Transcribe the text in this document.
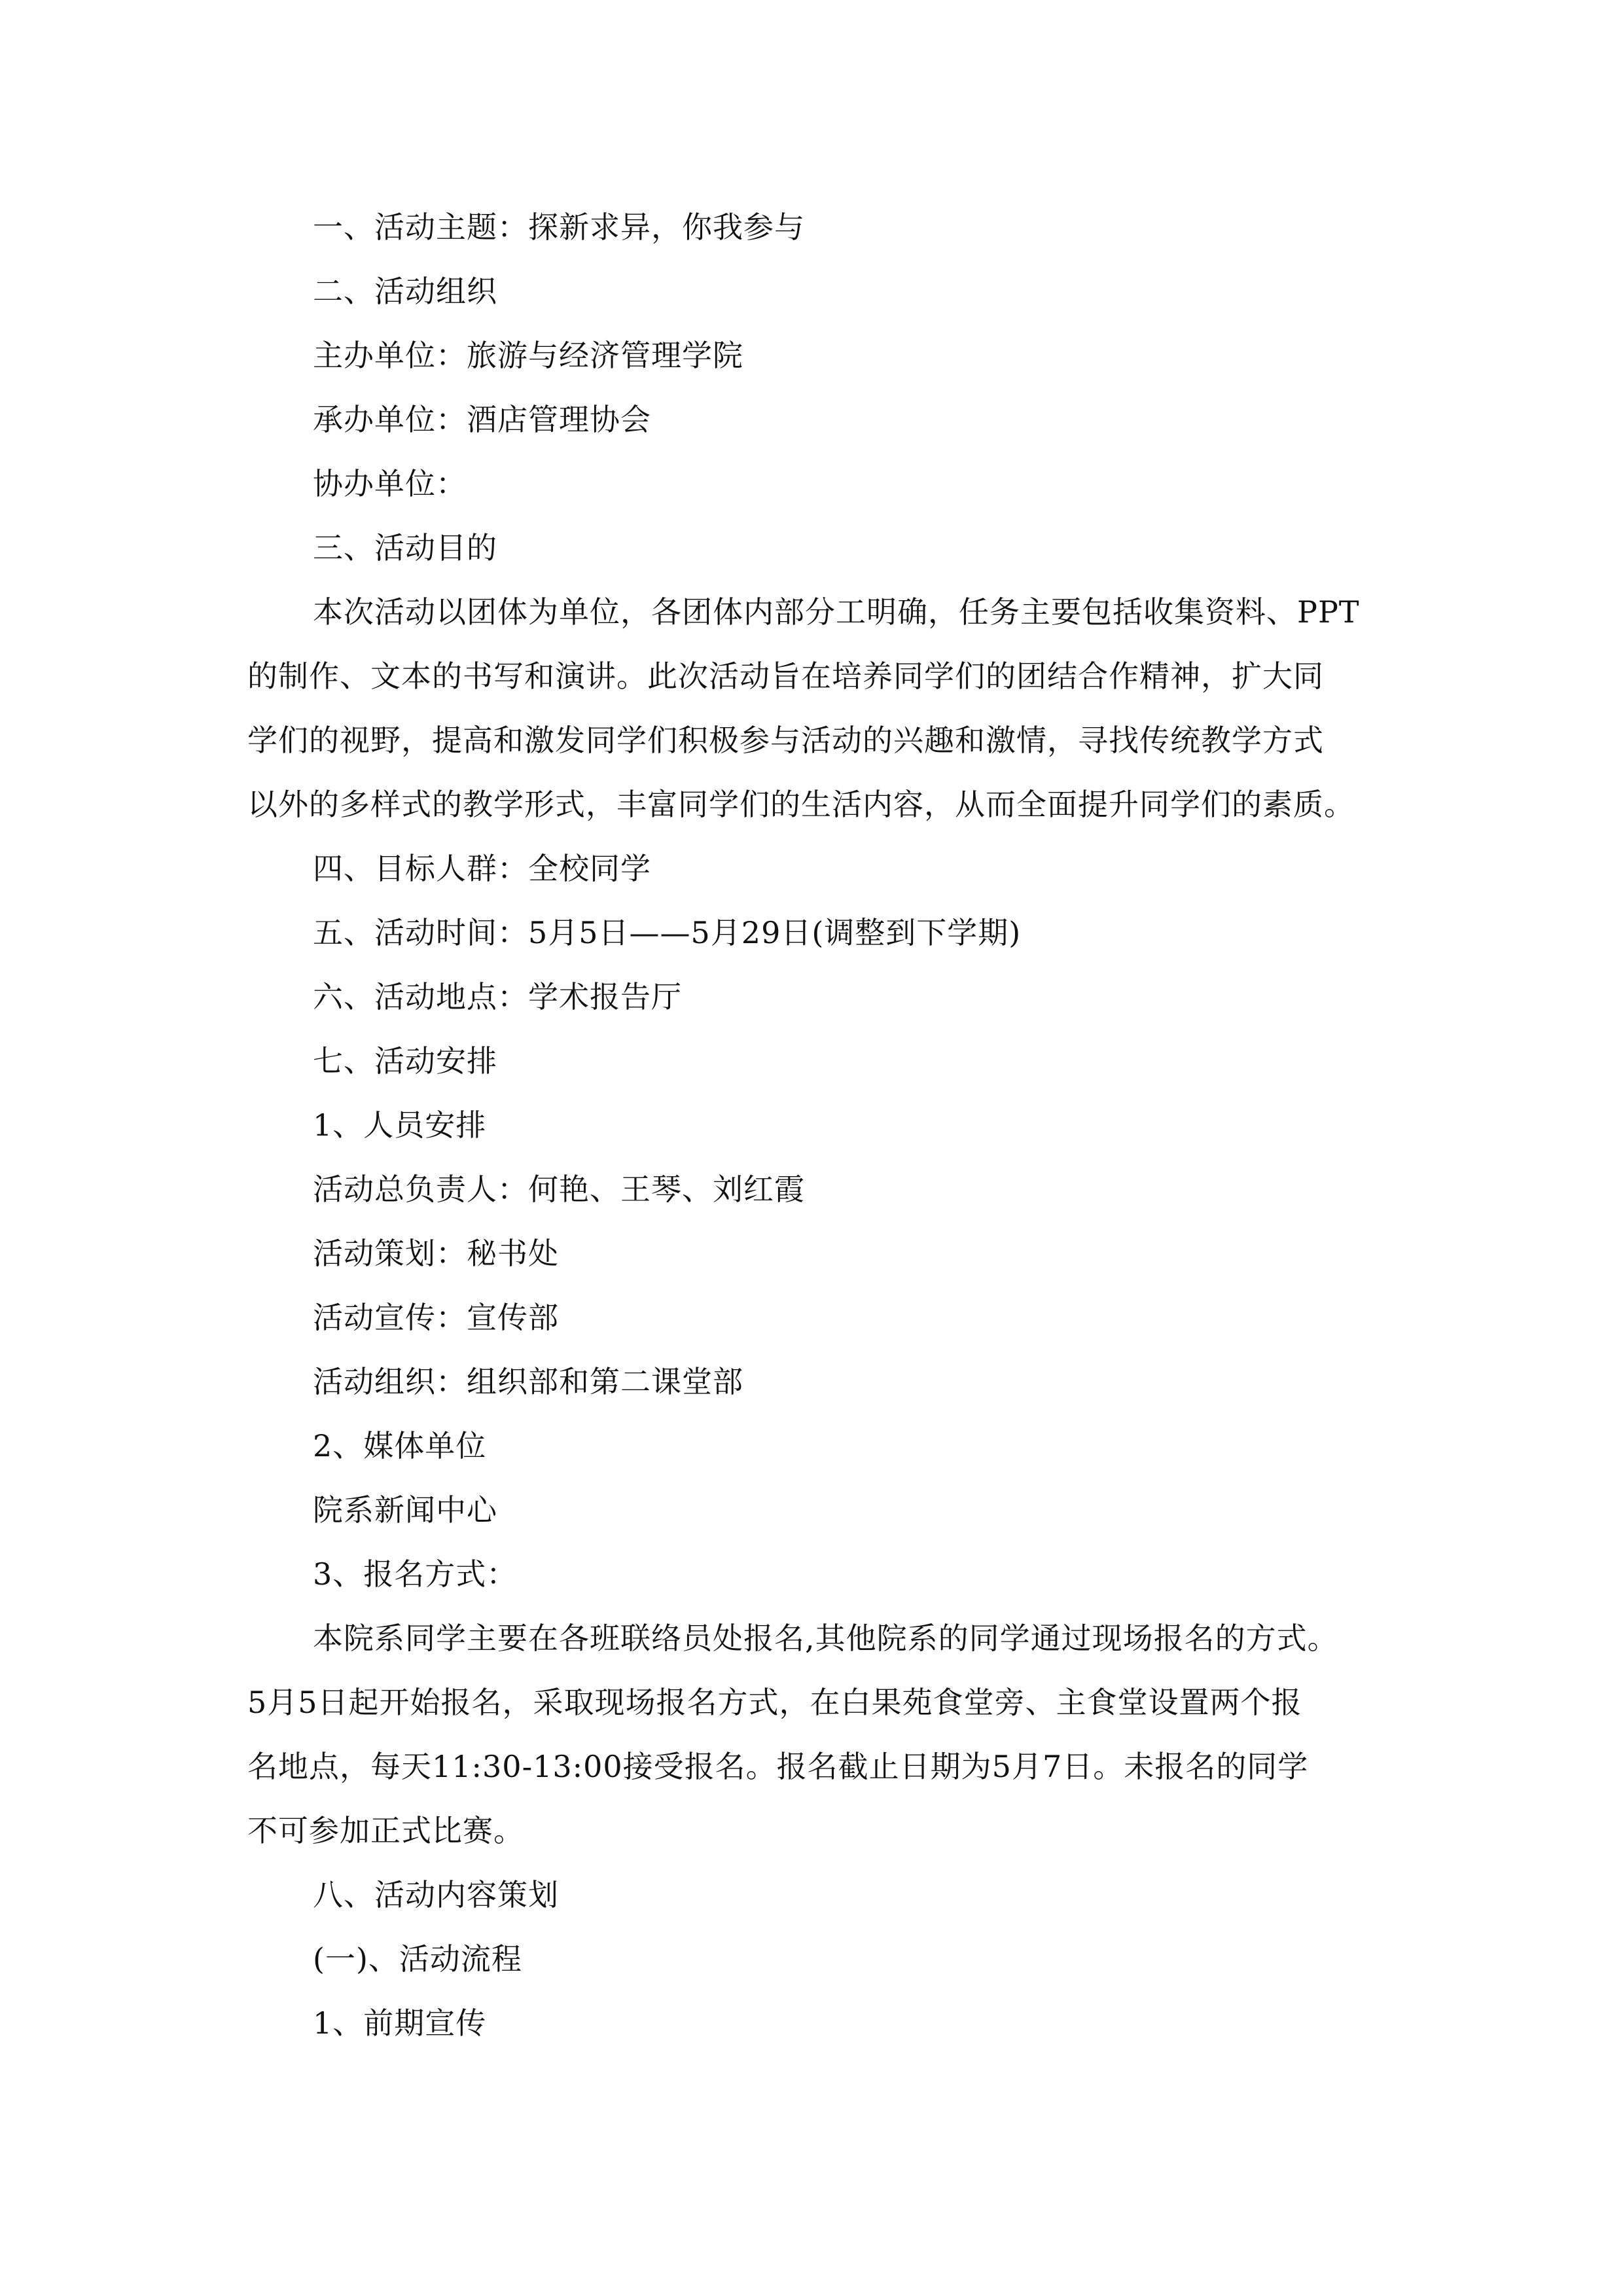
一、活动主题：探新求异，你我参与
二、活动组织
主办单位：旅游与经济管理学院
承办单位：酒店管理协会
协办单位：
三、活动目的
本次活动以团体为单位，各团体内部分工明确，任务主要包括收集资料、PPT
的制作、文本的书写和演讲。此次活动旨在培养同学们的团结合作精神，扩大同
学们的视野，提高和激发同学们积极参与活动的兴趣和激情，寻找传统教学方式
以外的多样式的教学形式，丰富同学们的生活内容，从而全面提升同学们的素质。
四、目标人群：全校同学
五、活动时间：5月5日——5月29日(调整到下学期)
六、活动地点：学术报告厅
七、活动安排
1、人员安排
活动总负责人：何艳、王琴、刘红霞
活动策划：秘书处
活动宣传：宣传部
活动组织：组织部和第二课堂部
2、媒体单位
院系新闻中心
3、报名方式：
本院系同学主要在各班联络员处报名,其他院系的同学通过现场报名的方式。
5月5日起开始报名，采取现场报名方式，在白果苑食堂旁、主食堂设置两个报
名地点，每天11:30-13:00接受报名。报名截止日期为5月7日。未报名的同学
不可参加正式比赛。
八、活动内容策划
(一)、活动流程
1、前期宣传
